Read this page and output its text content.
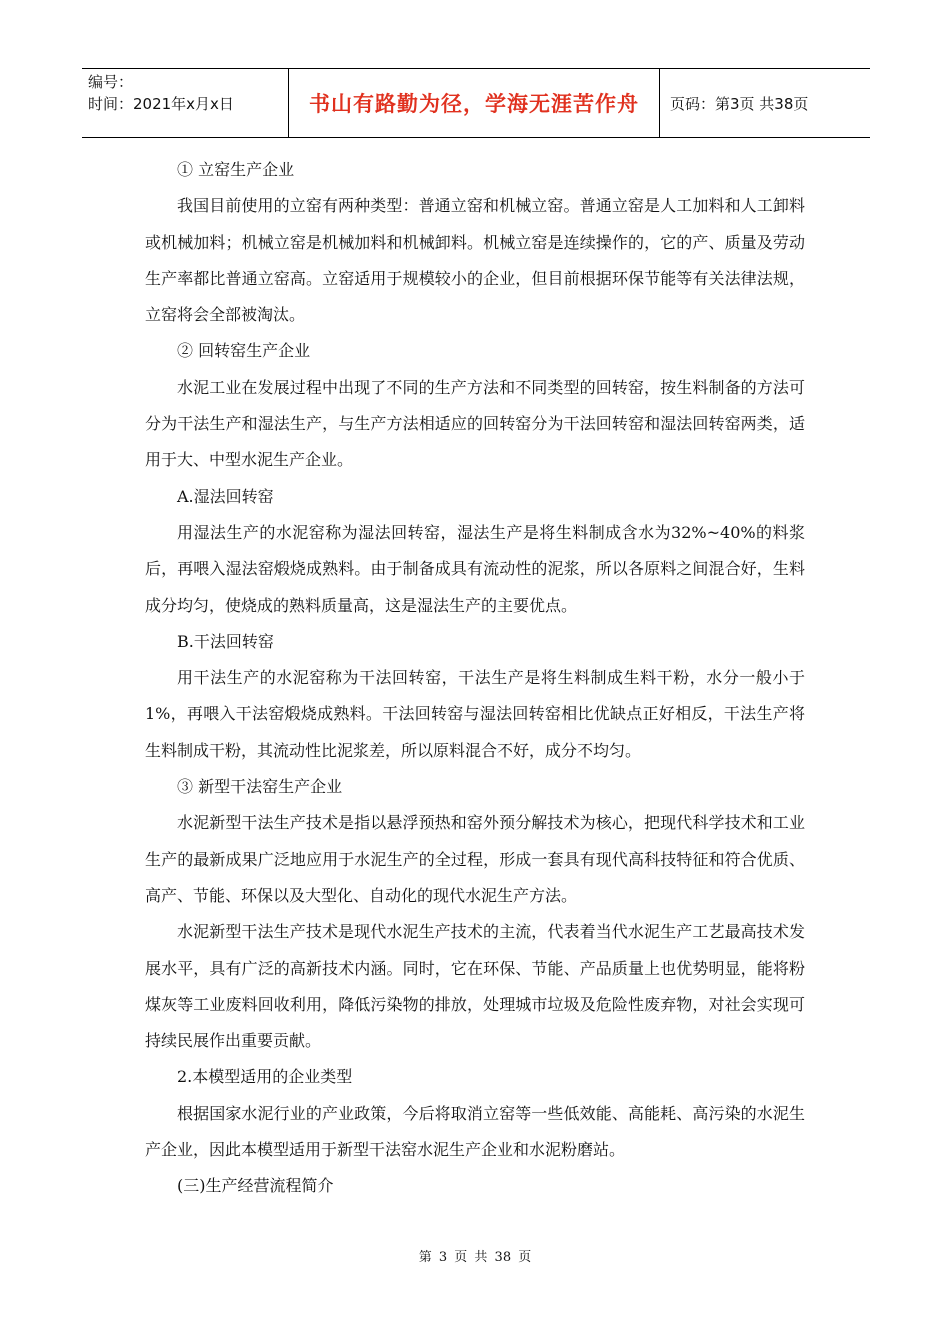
编号：
时间：2021年x月x日	书山有路勤为径，学海无涯苦作舟 页码：第3页 共38页

① 立窑生产企业

我国目前使用的立窑有两种类型：普通立窑和机械立窑。普通立窑是人工加料和人工卸料或机械加料；机械立窑是机械加料和机械卸料。机械立窑是连续操作的，它的产、质量及劳动生产率都比普通立窑高。立窑适用于规模较小的企业，但目前根据环保节能等有关法律法规，立窑将会全部被淘汰。

② 回转窑生产企业

水泥工业在发展过程中出现了不同的生产方法和不同类型的回转窑，按生料制备的方法可分为干法生产和湿法生产，与生产方法相适应的回转窑分为干法回转窑和湿法回转窑两类，适用于大、中型水泥生产企业。

A.湿法回转窑

用湿法生产的水泥窑称为湿法回转窑，湿法生产是将生料制成含水为32%~40%的料浆后，再喂入湿法窑煅烧成熟料。由于制备成具有流动性的泥浆，所以各原料之间混合好，生料成分均匀，使烧成的熟料质量高，这是湿法生产的主要优点。

B.干法回转窑

用干法生产的水泥窑称为干法回转窑，干法生产是将生料制成生料干粉，水分一般小于1%，再喂入干法窑煅烧成熟料。干法回转窑与湿法回转窑相比优缺点正好相反，干法生产将生料制成干粉，其流动性比泥浆差，所以原料混合不好，成分不均匀。

③ 新型干法窑生产企业

水泥新型干法生产技术是指以悬浮预热和窑外预分解技术为核心，把现代科学技术和工业生产的最新成果广泛地应用于水泥生产的全过程，形成一套具有现代高科技特征和符合优质、高产、节能、环保以及大型化、自动化的现代水泥生产方法。

水泥新型干法生产技术是现代水泥生产技术的主流，代表着当代水泥生产工艺最高技术发展水平，具有广泛的高新技术内涵。同时，它在环保、节能、产品质量上也优势明显，能将粉煤灰等工业废料回收利用，降低污染物的排放，处理城市垃圾及危险性废弃物，对社会实现可持续民展作出重要贡献。

2.本模型适用的企业类型

根据国家水泥行业的产业政策，今后将取消立窑等一些低效能、高能耗、高污染的水泥生产企业，因此本模型适用于新型干法窑水泥生产企业和水泥粉磨站。

(三)生产经营流程简介

第 3 页 共 38 页
